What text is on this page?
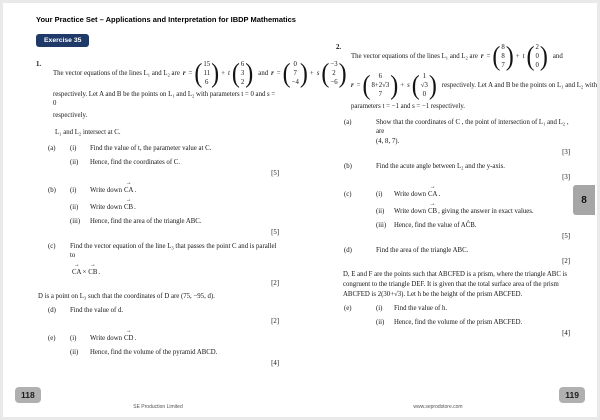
Your Practice Set – Applications and Interpretation for IBDP Mathematics
Exercise 35
1.
The vector equations of the lines L₁ and L₂ are r = ( 15
11
6 ) + t ( 6
3
2 ) and r = ( 0
7
−4 ) + s ( −3
2
−6 )
respectively. Let A and B be the points on L₁ and L₂ with parameters t = 0 and s = 0
respectively.
L₁ and L₂ intersect at C.
(a)	(i)	Find the value of t, the parameter value at C.
(ii)	Hence, find the coordinates of C.
[5]
(b)	(i)	Write down CA →.
(ii)	Write down CB →.
(iii)	Hence, find the area of the triangle ABC.
[5]
(c)	Find the vector equation of the line L₃ that passes the point C and is parallel to
CA →× CB →.
[2]
D is a point on L₃ such that the coordinates of D are (75, −95, d).
(d)	Find the value of d.
[2]
(e)	(i)	Write down CD →.
(ii)	Hence, find the volume of the pyramid ABCD.
[4]
2.
The vector equations of the lines L₁ and L₂ are r = ( 8
8
7 ) + t ( 2
0
0 ) and
r = ( 6
8+2√3
7 ) + s ( 1
√3
0 ) respectively. Let A and B be the points on L₁ and L₂ with
parameters t = −1 and s = −1 respectively.
(a)	Show that the coordinates of C , the point of intersection of L₁ and L₂ , are
(4, 8, 7).
[3]
(b)	Find the acute angle between L₂ and the y-axis.
[3]
(c)	(i)	Write down CA →.
(ii)	Write down CB →, giving the answer in exact values.
(iii)	Hence, find the value of AĈB.
[5]
(d)	Find the area of the triangle ABC.
[2]
D, E and F are the points such that ABCFED is a prism, where the triangle ABC is
congruent to the triangle DEF. It is given that the total surface area of the prism
ABCFED is 2(30+√3). Let h be the height of the prism ABCFED.
(e)	(i)	Find the value of h.
(ii)	Hence, find the volume of the prism ABCFED.
[4]
8
118	119
SE Production Limited	www.seprodstore.com
